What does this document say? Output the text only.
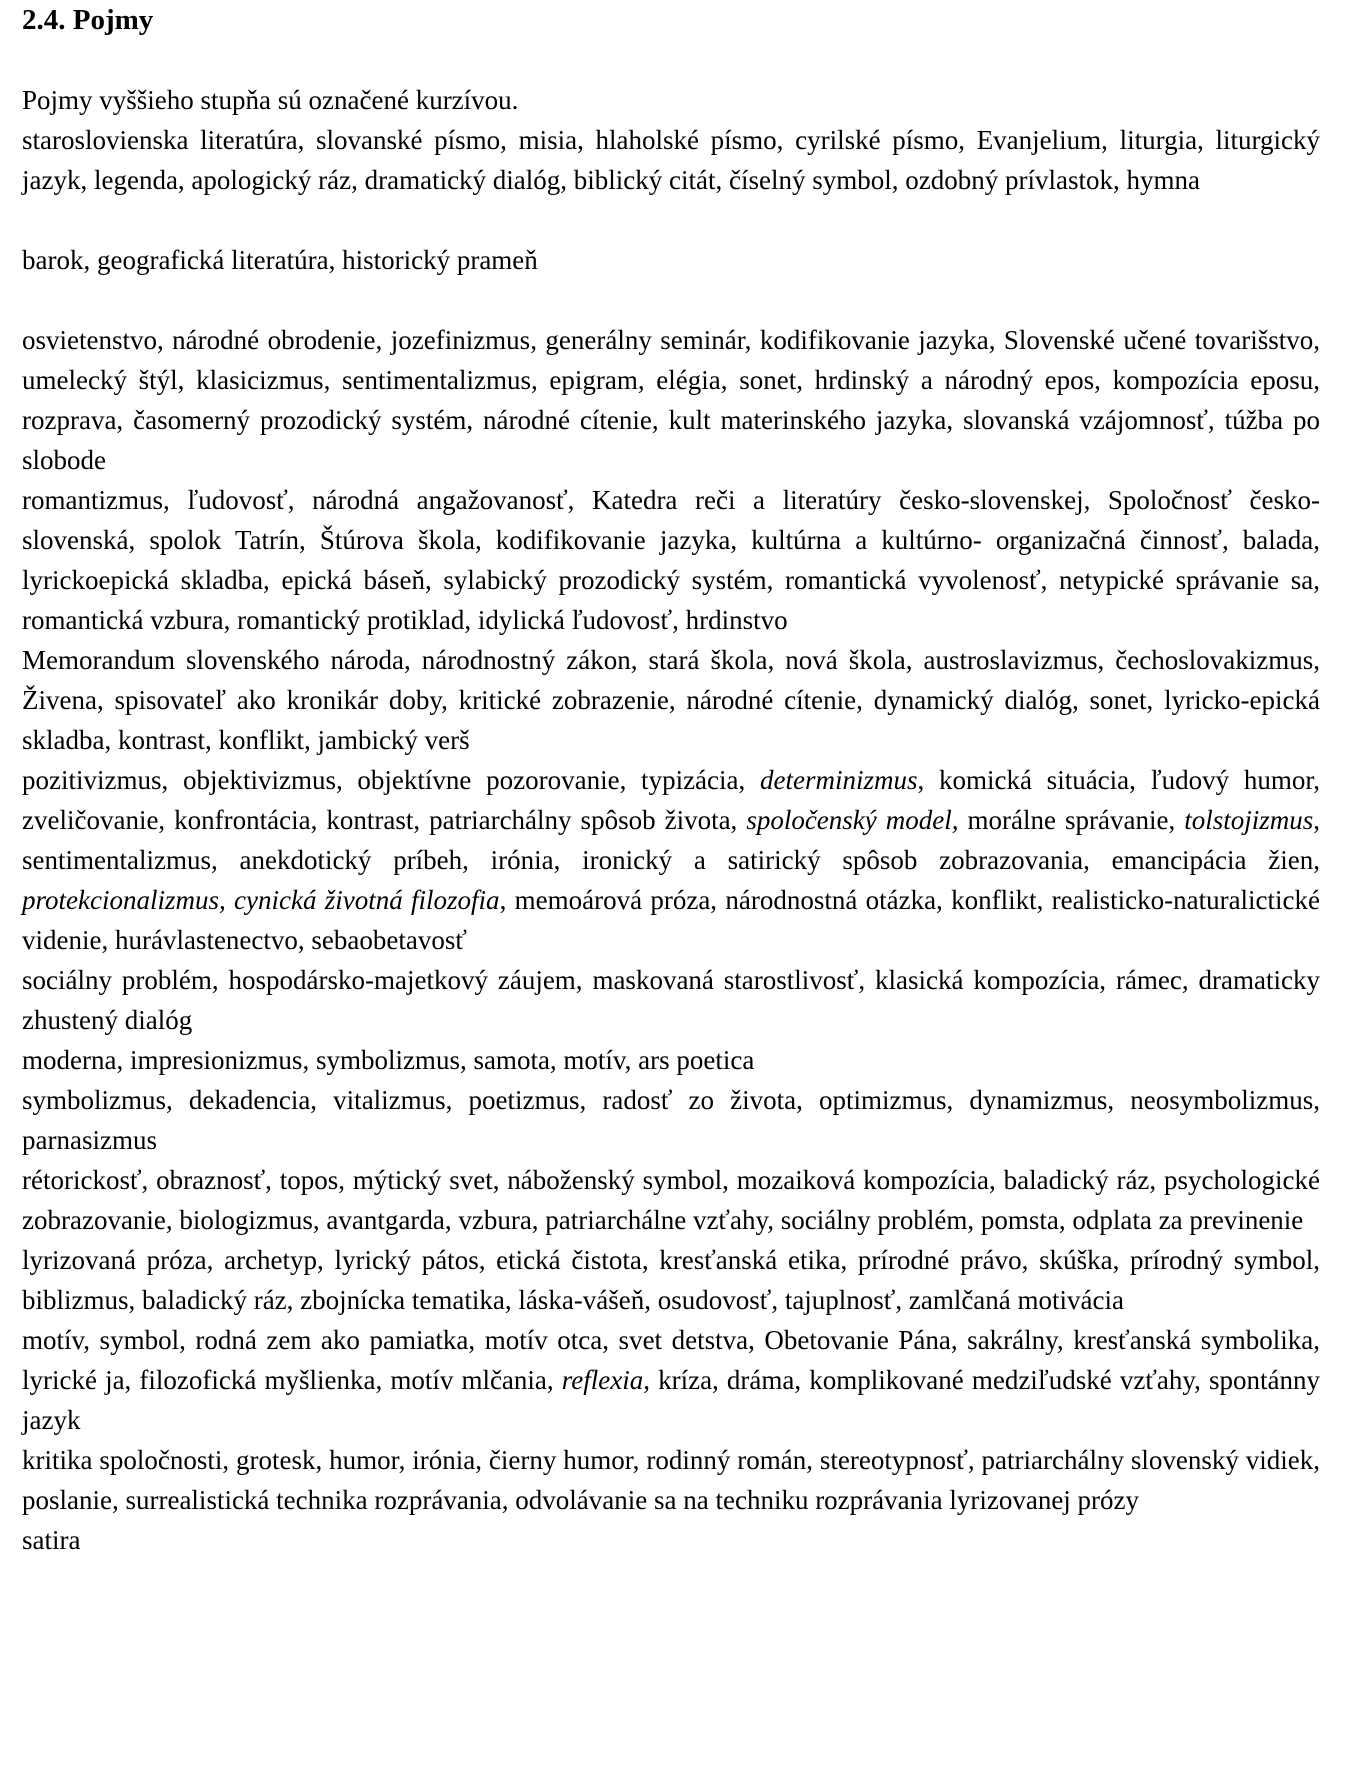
2.4. Pojmy

Pojmy vyššieho stupňa sú označené kurzívou.

staroslovienska literatúra, slovanské písmo, misia, hlaholské písmo, cyrilské písmo, Evanjelium, liturgia, liturgický jazyk, legenda, apologický ráz, dramatický dialóg, biblický citát, číselný symbol, ozdobný prívlastok, hymna

barok, geografická literatúra, historický prameň

osvietenstvo, národné obrodenie, jozefinizmus, generálny seminár, kodifikovanie jazyka, Slovenské učené tovarišstvo, umelecký štýl, klasicizmus, sentimentalizmus, epigram, elégia, sonet, hrdinský a národný epos, kompozícia eposu, rozprava, časomerný prozodický systém, národné cítenie, kult materinského jazyka, slovanská vzájomnosť, túžba po slobode

romantizmus, ľudovosť, národná angažovanosť, Katedra reči a literatúry česko-slovenskej, Spoločnosť česko-slovenská, spolok Tatrín, Štúrova škola, kodifikovanie jazyka, kultúrna a kultúrno- organizačná činnosť, balada, lyrickoepická skladba, epická báseň, sylabický prozodický systém, romantická vyvolenosť, netypické správanie sa, romantická vzbura, romantický protiklad, idylická ľudovosť, hrdinstvo

Memorandum slovenského národa, národnostný zákon, stará škola, nová škola, austroslavizmus, čechoslovakizmus, Živena, spisovateľ ako kronikár doby, kritické zobrazenie, národné cítenie, dynamický dialóg, sonet, lyricko-epická skladba, kontrast, konflikt, jambický verš

pozitivizmus, objektivizmus, objektívne pozorovanie, typizácia, determinizmus, komická situácia, ľudový humor, zveličovanie, konfrontácia, kontrast, patriarchálny spôsob života, spoločenský model, morálne správanie, tolstojizmus, sentimentalizmus, anekdotický príbeh, irónia, ironický a satirický spôsob zobrazovania, emancipácia žien, protekcionalizmus, cynická životná filozofia, memoárová próza, národnostná otázka, konflikt, realisticko-naturalictické videnie, hurávlastenectvo, sebaobetavosť

sociálny problém, hospodársko-majetkový záujem, maskovaná starostlivosť, klasická kompozícia, rámec, dramaticky zhustený dialóg

moderna, impresionizmus, symbolizmus, samota, motív, ars poetica

symbolizmus, dekadencia, vitalizmus, poetizmus, radosť zo života, optimizmus, dynamizmus, neosymbolizmus, parnasizmus

rétorickosť, obraznosť, topos, mýtický svet, náboženský symbol, mozaiková kompozícia, baladický ráz, psychologické zobrazovanie, biologizmus, avantgarda, vzbura, patriarchálne vzťahy, sociálny problém, pomsta, odplata za previnenie

lyrizovaná próza, archetyp, lyrický pátos, etická čistota, kresťanská etika, prírodné právo, skúška, prírodný symbol, biblizmus, baladický ráz, zbojnícka tematika, láska-vášeň, osudovosť, tajuplnosť, zamlčaná motivácia

motív, symbol, rodná zem ako pamiatka, motív otca, svet detstva, Obetovanie Pána, sakrálny, kresťanská symbolika, lyrické ja, filozofická myšlienka, motív mlčania, reflexia, kríza, dráma, komplikované medziľudské vzťahy, spontánny jazyk

kritika spoločnosti, grotesk, humor, irónia, čierny humor, rodinný román, stereotypnosť, patriarchálny slovenský vidiek, poslanie, surrealistická technika rozprávania, odvolávanie sa na techniku rozprávania lyrizovanej prózy

satira
